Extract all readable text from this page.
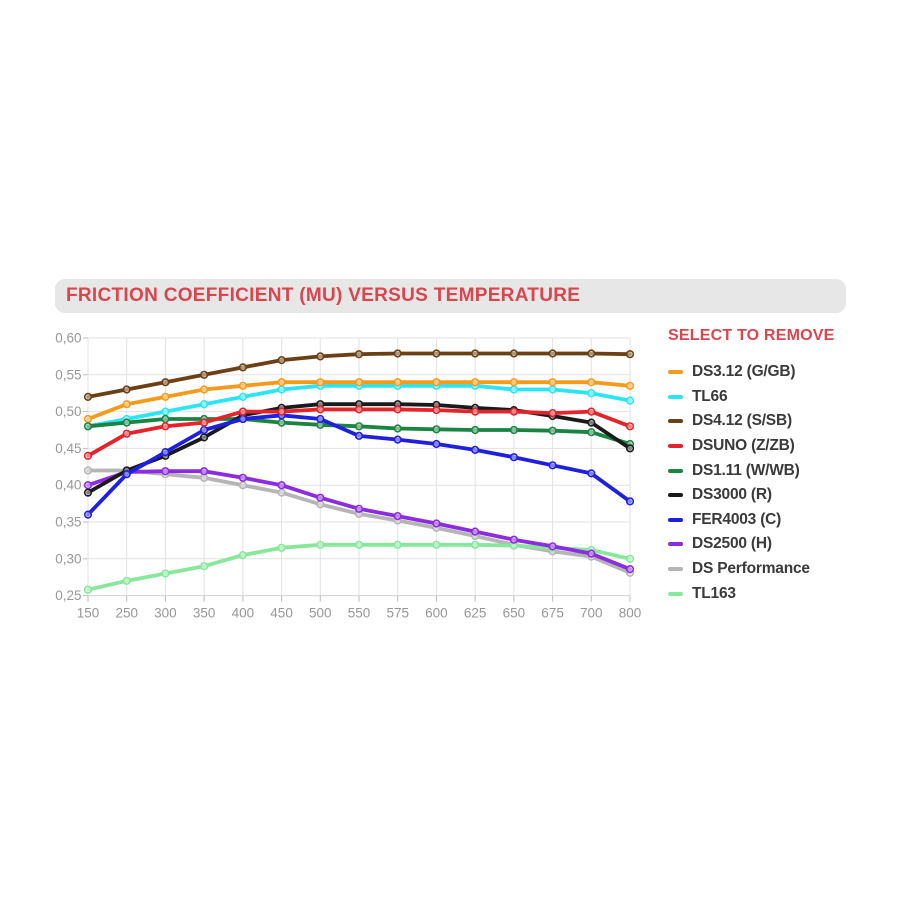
FRICTION COEFFICIENT (MU) VERSUS TEMPERATURE
0,60
0,55
0,50
0,45
0,40
0,35
0,30
0,25
150 250 300 350 400 450 500 550 575 600 625 650 675 700 800
SELECT TO REMOVE
DS3.12 (G/GB)
TL66
DS4.12 (S/SB)
DSUNO (Z/ZB)
DS1.11 (W/WB)
DS3000 (R)
FER4003 (C)
DS2500 (H)
DS Performance
TL163
